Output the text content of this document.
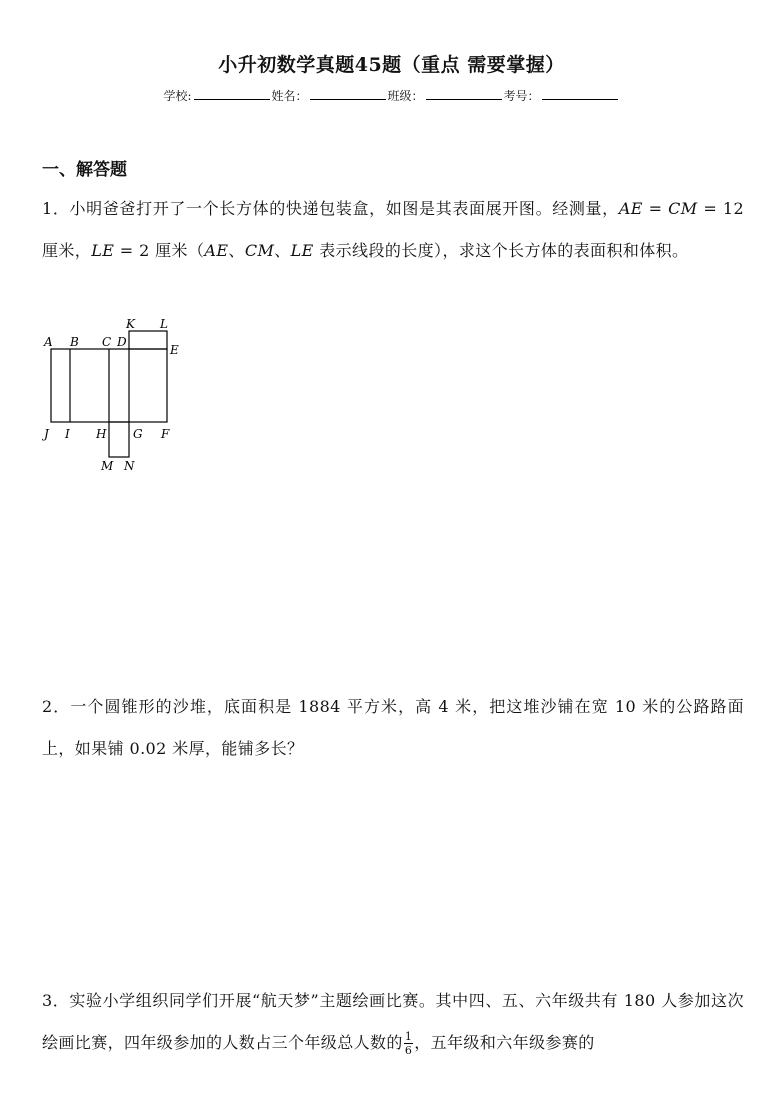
小升初数学真题45题（重点 需要掌握）
学校:	姓名：	班级：	考号：
一、解答题
1．小明爸爸打开了一个长方体的快递包装盒，如图是其表面展开图。经测量，AE = CM = 12 厘米，LE = 2 厘米（AE、CM、LE 表示线段的长度），求这个长方体的表面积和体积。
A B C D
E
K L
J I H G F
M N
2．一个圆锥形的沙堆，底面积是 1884 平方米，高 4 米，把这堆沙铺在宽 10 米的公路路面上，如果铺 0.02 米厚，能铺多长？
3．实验小学组织同学们开展“航天梦”主题绘画比赛。其中四、五、六年级共有 180 人参加这次绘画比赛，四年级参加的人数占三个年级总人数的 $\frac{1}{6}$ ，五年级和六年级参赛的
